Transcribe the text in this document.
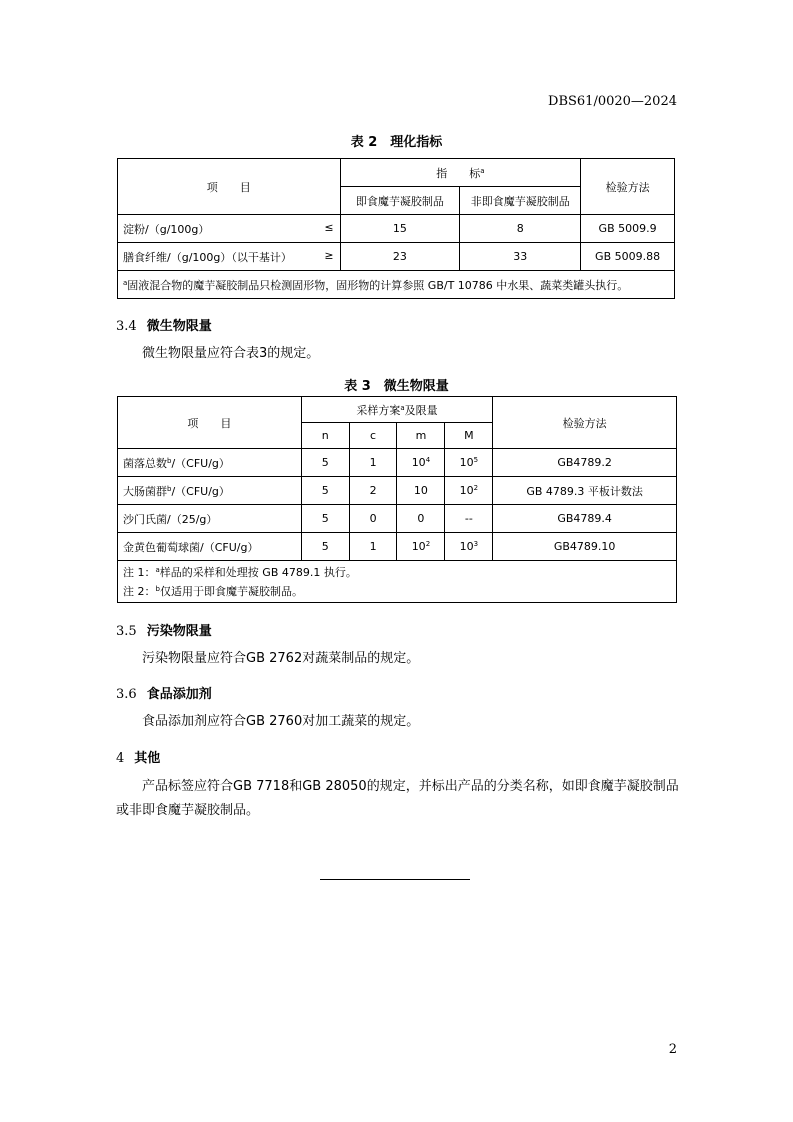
DBS61/0020—2024
表 2　理化指标
项　　目	指　　标$^a$		检验方法
	即食魔芋凝胶制品	非即食魔芋凝胶制品	
淀粉/（g/100g） ≤	15	8	GB 5009.9
膳食纤维/（g/100g）（以干基计） ≥	23	33	GB 5009.88
$^a$固液混合物的魔芋凝胶制品只检测固形物，固形物的计算参照 GB/T 10786 中水果、蔬菜类罐头执行。			
3.4 微生物限量
微生物限量应符合表3的规定。
表 3　微生物限量
项　　目	采样方案$^a$及限量				检验方法
	n	c	m	M	
菌落总数$^b$/（CFU/g）	5	1	$10^4$	$10^5$	GB4789.2
大肠菌群$^b$/（CFU/g）	5	2	10	$10^2$	GB 4789.3 平板计数法
沙门氏菌/（25/g）	5	0	0	--	GB4789.4
金黄色葡萄球菌/（CFU/g）	5	1	$10^2$	$10^3$	GB4789.10

注 1：$^a$样品的采样和处理按 GB 4789.1 执行。
注 2：$^b$仅适用于即食魔芋凝胶制品。					
3.5 污染物限量
污染物限量应符合GB 2762对蔬菜制品的规定。
3.6 食品添加剂
食品添加剂应符合GB 2760对加工蔬菜的规定。
4 其他
产品标签应符合GB 7718和GB 28050的规定，并标出产品的分类名称，如即食魔芋凝胶制品或非即食魔芋凝胶制品。
2
